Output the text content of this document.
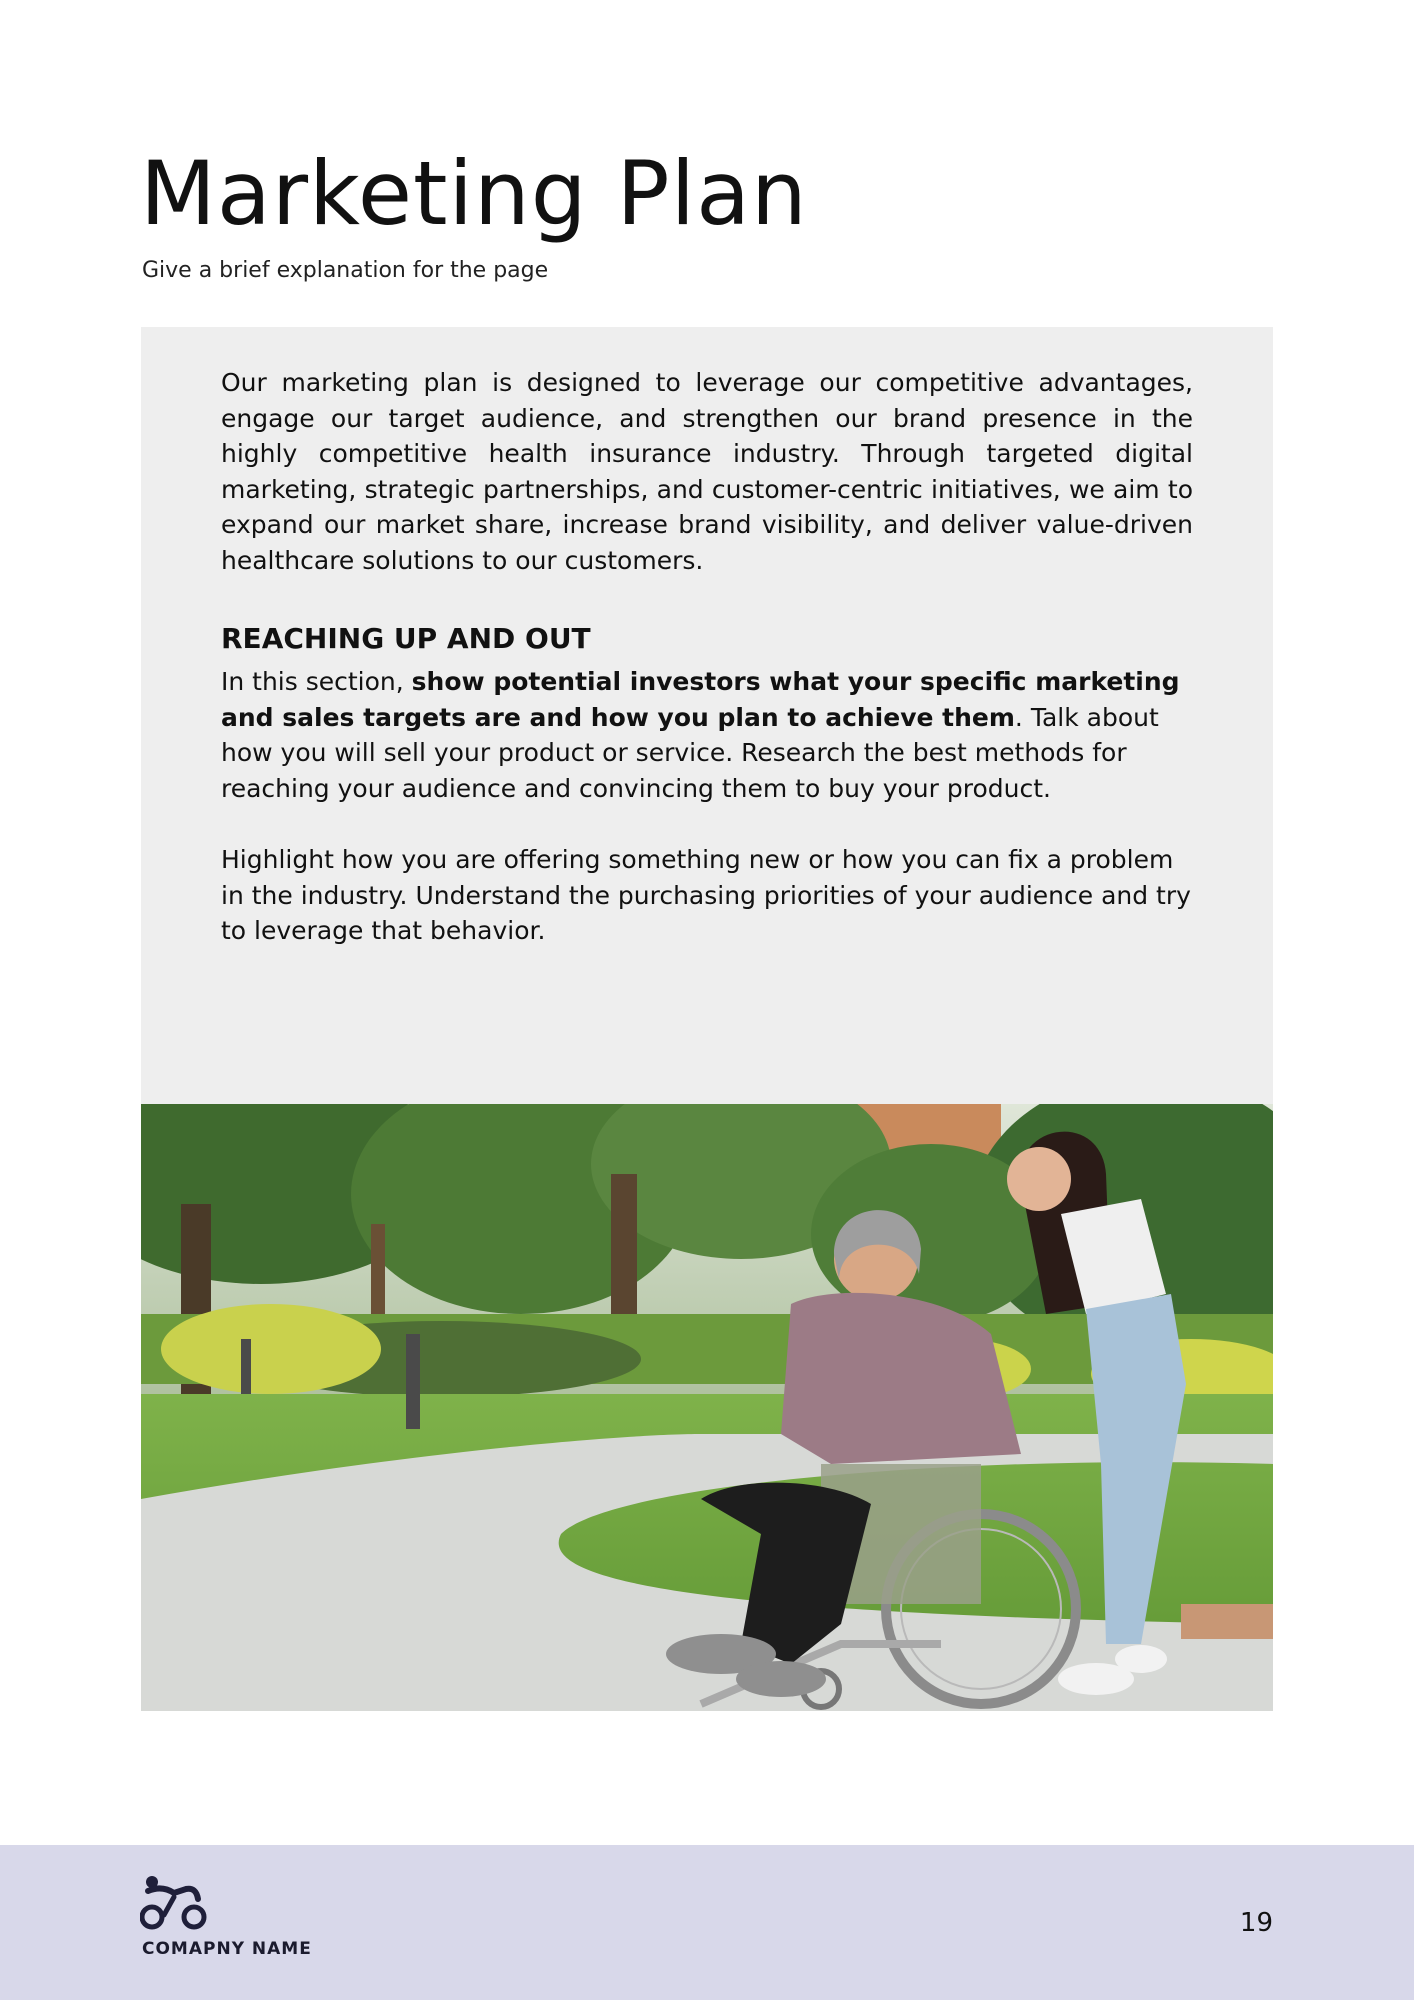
Marketing Plan

Give a brief explanation for the page

Our marketing plan is designed to leverage our competitive advantages, engage our target audience, and strengthen our brand presence in the highly competitive health insurance industry. Through targeted digital marketing, strategic partnerships, and customer-centric initiatives, we aim to expand our market share, increase brand visibility, and deliver value-driven healthcare solutions to our customers.

REACHING UP AND OUT

In this section, show potential investors what your specific marketing and sales targets are and how you plan to achieve them. Talk about how you will sell your product or service. Research the best methods for reaching your audience and convincing them to buy your product.

Highlight how you are offering something new or how you can fix a problem in the industry. Understand the purchasing priorities of your audience and try to leverage that behavior.

COMAPNY NAME
19
